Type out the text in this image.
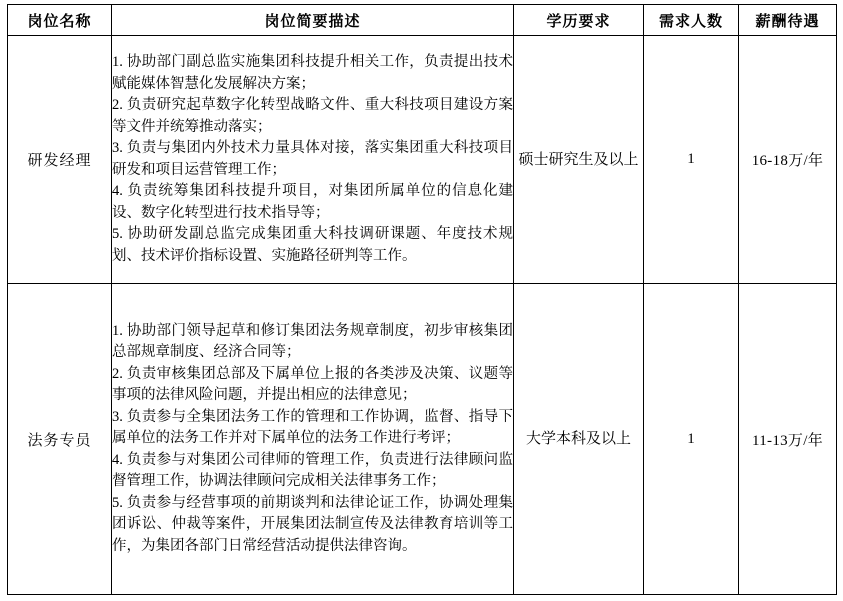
岗位名称	岗位简要描述	学历要求	需求人数	薪酬待遇
研发经理	1. 协助部门副总监实施集团科技提升相关工作，负责提出技术赋能媒体智慧化发展解决方案；
2. 负责研究起草数字化转型战略文件、重大科技项目建设方案等文件并统筹推动落实；
3. 负责与集团内外技术力量具体对接，落实集团重大科技项目研发和项目运营管理工作；
4. 负责统筹集团科技提升项目，对集团所属单位的信息化建设、数字化转型进行技术指导等；
5. 协助研发副总监完成集团重大科技调研课题、年度技术规划、技术评价指标设置、实施路径研判等工作。	硕士研究生及以上	1	16-18万/年
法务专员	1. 协助部门领导起草和修订集团法务规章制度，初步审核集团总部规章制度、经济合同等；
2. 负责审核集团总部及下属单位上报的各类涉及决策、议题等事项的法律风险问题，并提出相应的法律意见；
3. 负责参与全集团法务工作的管理和工作协调，监督、指导下属单位的法务工作并对下属单位的法务工作进行考评；
4. 负责参与对集团公司律师的管理工作，负责进行法律顾问监督管理工作，协调法律顾问完成相关法律事务工作；
5. 负责参与经营事项的前期谈判和法律论证工作，协调处理集团诉讼、仲裁等案件，开展集团法制宣传及法律教育培训等工作，为集团各部门日常经营活动提供法律咨询。	大学本科及以上	1	11-13万/年
